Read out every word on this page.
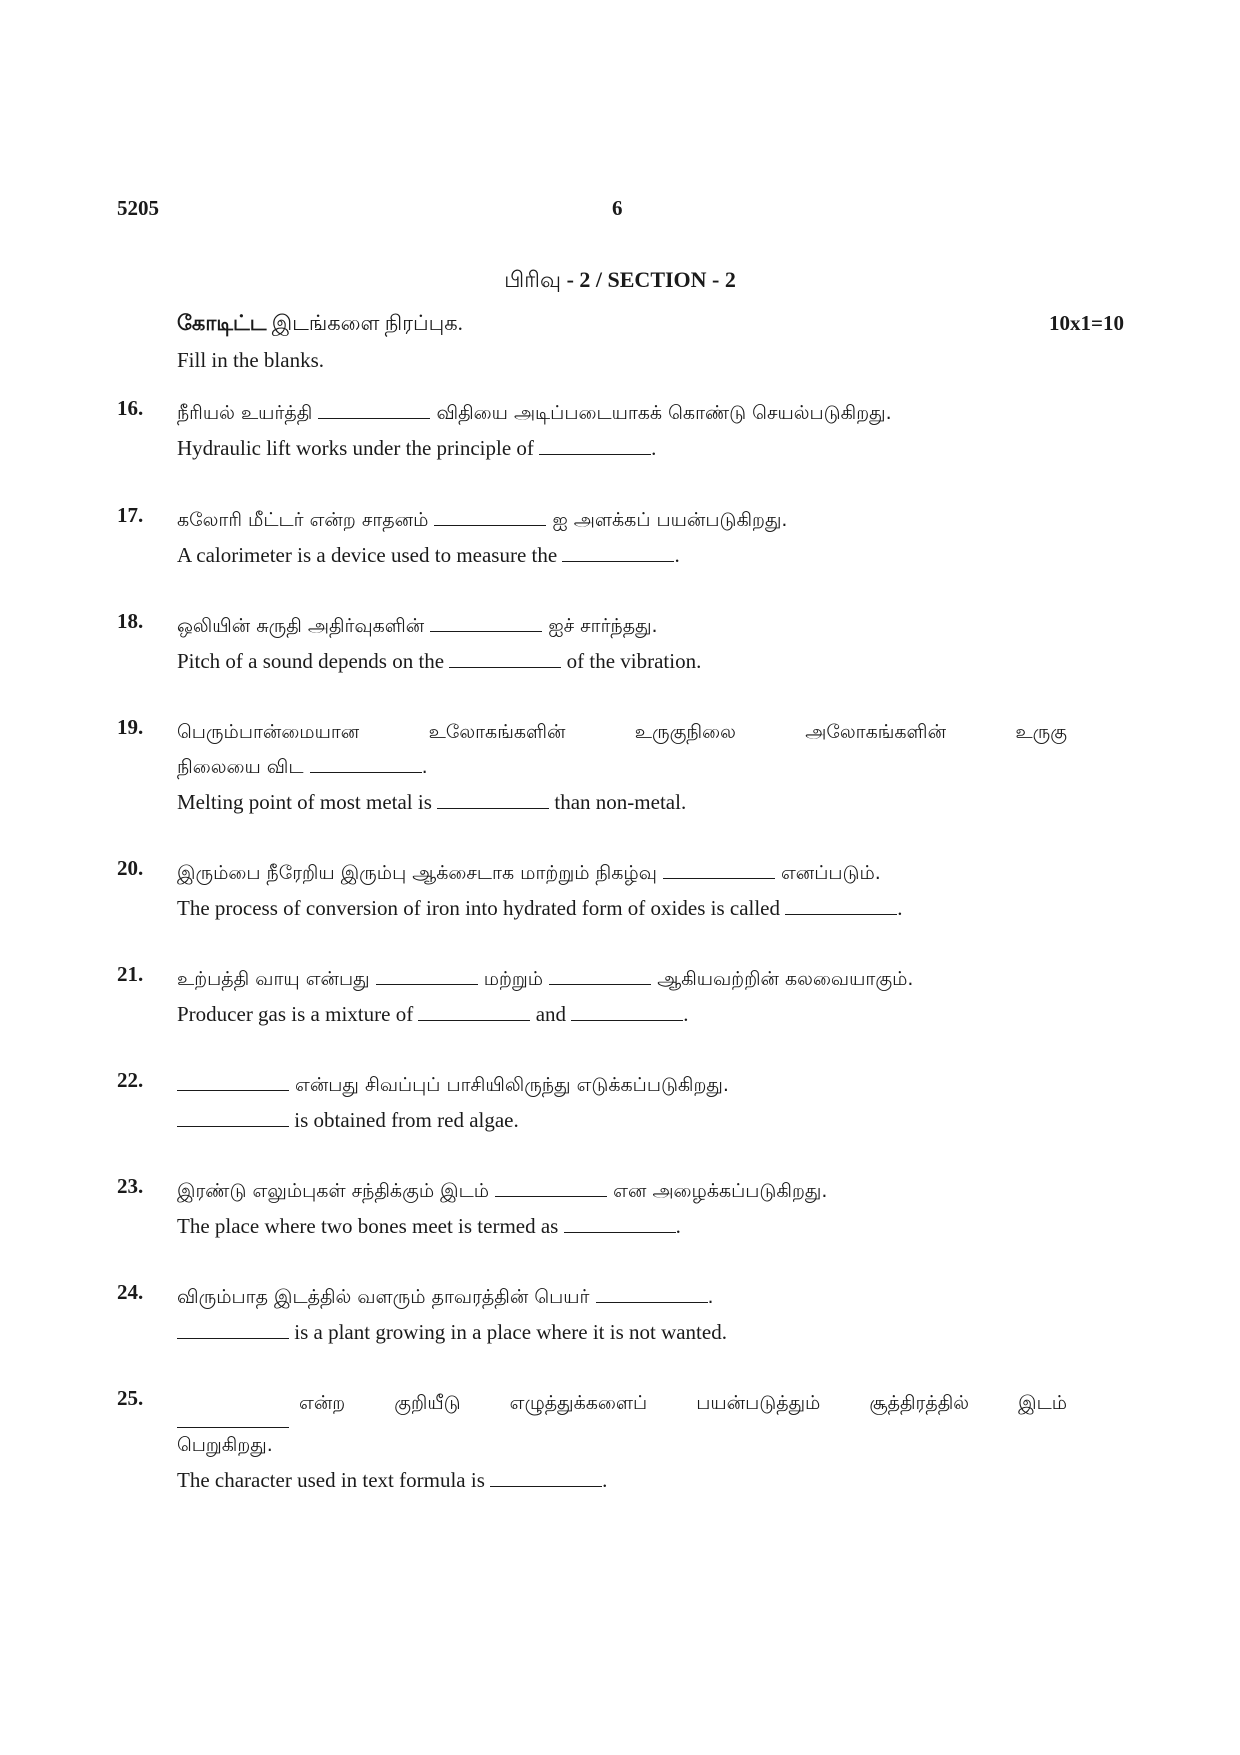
5205	6
பிரிவு - 2 / SECTION - 2
கோடிட்ட இடங்களை நிரப்புக.	10x1=10
Fill in the blanks.
16. நீரியல் உயர்த்தி	விதியை அடிப்படையாகக் கொண்டு செயல்படுகிறது.
Hydraulic lift works under the principle of	.
17. கலோரி மீட்டர் என்ற சாதனம்	ஐ அளக்கப் பயன்படுகிறது.
A calorimeter is a device used to measure the	.
18. ஒலியின் சுருதி அதிர்வுகளின்	ஐச் சார்ந்தது.
Pitch of a sound depends on the	of the vibration.
19. பெரும்பான்மையான உலோகங்களின் உருகுநிலை அலோகங்களின் உருகு
நிலையை விட	.
Melting point of most metal is	than non-metal.
20. இரும்பை நீரேறிய இரும்பு ஆக்சைடாக மாற்றும் நிகழ்வு	எனப்படும்.
The process of conversion of iron into hydrated form of oxides is called	.
21. உற்பத்தி வாயு என்பது	மற்றும்	ஆகியவற்றின் கலவையாகும்.
Producer gas is a mixture of	and	.
22.	என்பது சிவப்புப் பாசியிலிருந்து எடுக்கப்படுகிறது.
is obtained from red algae.
23. இரண்டு எலும்புகள் சந்திக்கும் இடம்	என அழைக்கப்படுகிறது.
The place where two bones meet is termed as	.
24. விரும்பாத இடத்தில் வளரும் தாவரத்தின் பெயர்	.
is a plant growing in a place where it is not wanted.
25.	என்ற குறியீடு எழுத்துக்களைப் பயன்படுத்தும் சூத்திரத்தில் இடம்
பெறுகிறது.
The character used in text formula is	.
